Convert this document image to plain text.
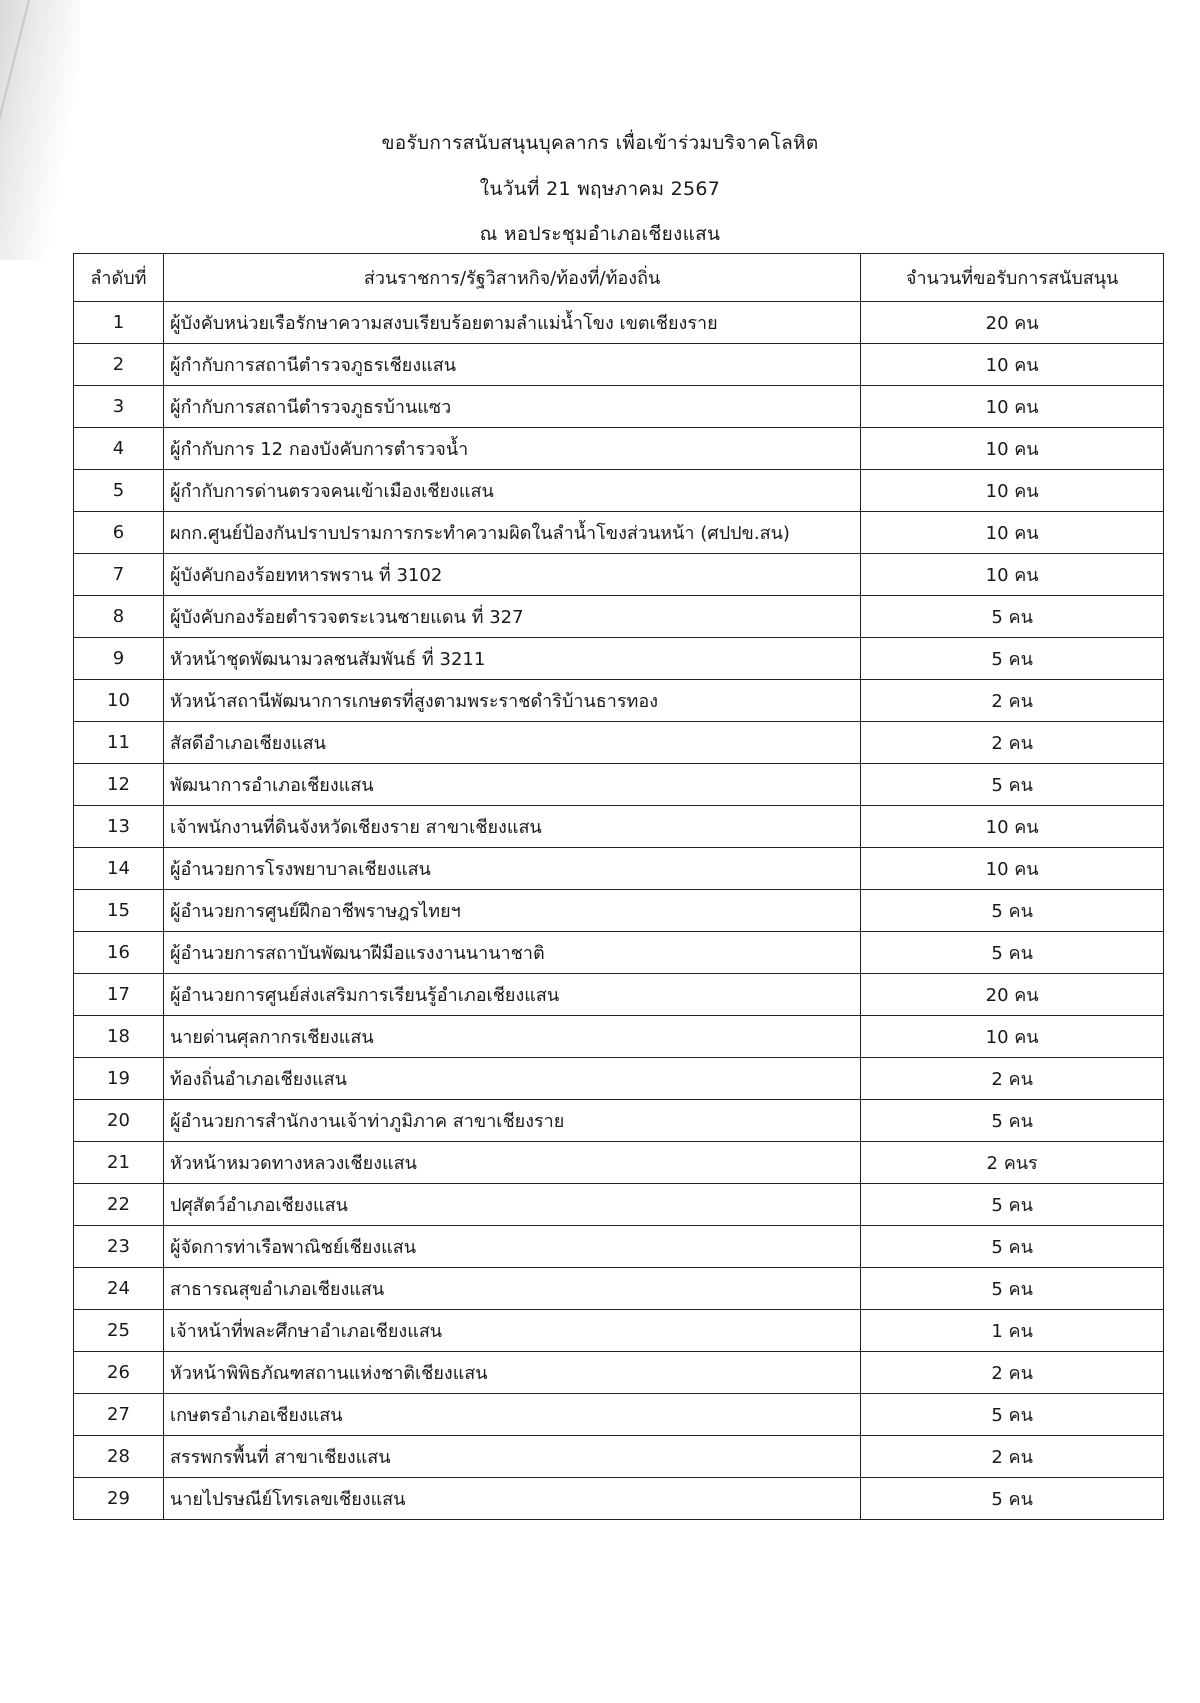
ขอรับการสนับสนุนบุคลากร เพื่อเข้าร่วมบริจาคโลหิต
ในวันที่ 21 พฤษภาคม 2567
ณ หอประชุมอำเภอเชียงแสน
ลำดับที่	ส่วนราชการ/รัฐวิสาหกิจ/ท้องที่/ท้องถิ่น	จำนวนที่ขอรับการสนับสนุน
1	ผู้บังคับหน่วยเรือรักษาความสงบเรียบร้อยตามลำแม่น้ำโขง เขตเชียงราย	20 คน
2	ผู้กำกับการสถานีตำรวจภูธรเชียงแสน	10 คน
3	ผู้กำกับการสถานีตำรวจภูธรบ้านแซว	10 คน
4	ผู้กำกับการ 12 กองบังคับการตำรวจน้ำ	10 คน
5	ผู้กำกับการด่านตรวจคนเข้าเมืองเชียงแสน	10 คน
6	ผกก.ศูนย์ป้องกันปราบปรามการกระทำความผิดในลำน้ำโขงส่วนหน้า (ศปปข.สน)	10 คน
7	ผู้บังคับกองร้อยทหารพราน ที่ 3102	10 คน
8	ผู้บังคับกองร้อยตำรวจตระเวนชายแดน ที่ 327	5 คน
9	หัวหน้าชุดพัฒนามวลชนสัมพันธ์ ที่ 3211	5 คน
10	หัวหน้าสถานีพัฒนาการเกษตรที่สูงตามพระราชดำริบ้านธารทอง	2 คน
11	สัสดีอำเภอเชียงแสน	2 คน
12	พัฒนาการอำเภอเชียงแสน	5 คน
13	เจ้าพนักงานที่ดินจังหวัดเชียงราย สาขาเชียงแสน	10 คน
14	ผู้อำนวยการโรงพยาบาลเชียงแสน	10 คน
15	ผู้อำนวยการศูนย์ฝึกอาชีพราษฎรไทยฯ	5 คน
16	ผู้อำนวยการสถาบันพัฒนาฝีมือแรงงานนานาชาติ	5 คน
17	ผู้อำนวยการศูนย์ส่งเสริมการเรียนรู้อำเภอเชียงแสน	20 คน
18	นายด่านศุลกากรเชียงแสน	10 คน
19	ท้องถิ่นอำเภอเชียงแสน	2 คน
20	ผู้อำนวยการสำนักงานเจ้าท่าภูมิภาค สาขาเชียงราย	5 คน
21	หัวหน้าหมวดทางหลวงเชียงแสน	2 คนร
22	ปศุสัตว์อำเภอเชียงแสน	5 คน
23	ผู้จัดการท่าเรือพาณิชย์เชียงแสน	5 คน
24	สาธารณสุขอำเภอเชียงแสน	5 คน
25	เจ้าหน้าที่พละศึกษาอำเภอเชียงแสน	1 คน
26	หัวหน้าพิพิธภัณฑสถานแห่งชาติเชียงแสน	2 คน
27	เกษตรอำเภอเชียงแสน	5 คน
28	สรรพกรพื้นที่ สาขาเชียงแสน	2 คน
29	นายไปรษณีย์โทรเลขเชียงแสน	5 คน
